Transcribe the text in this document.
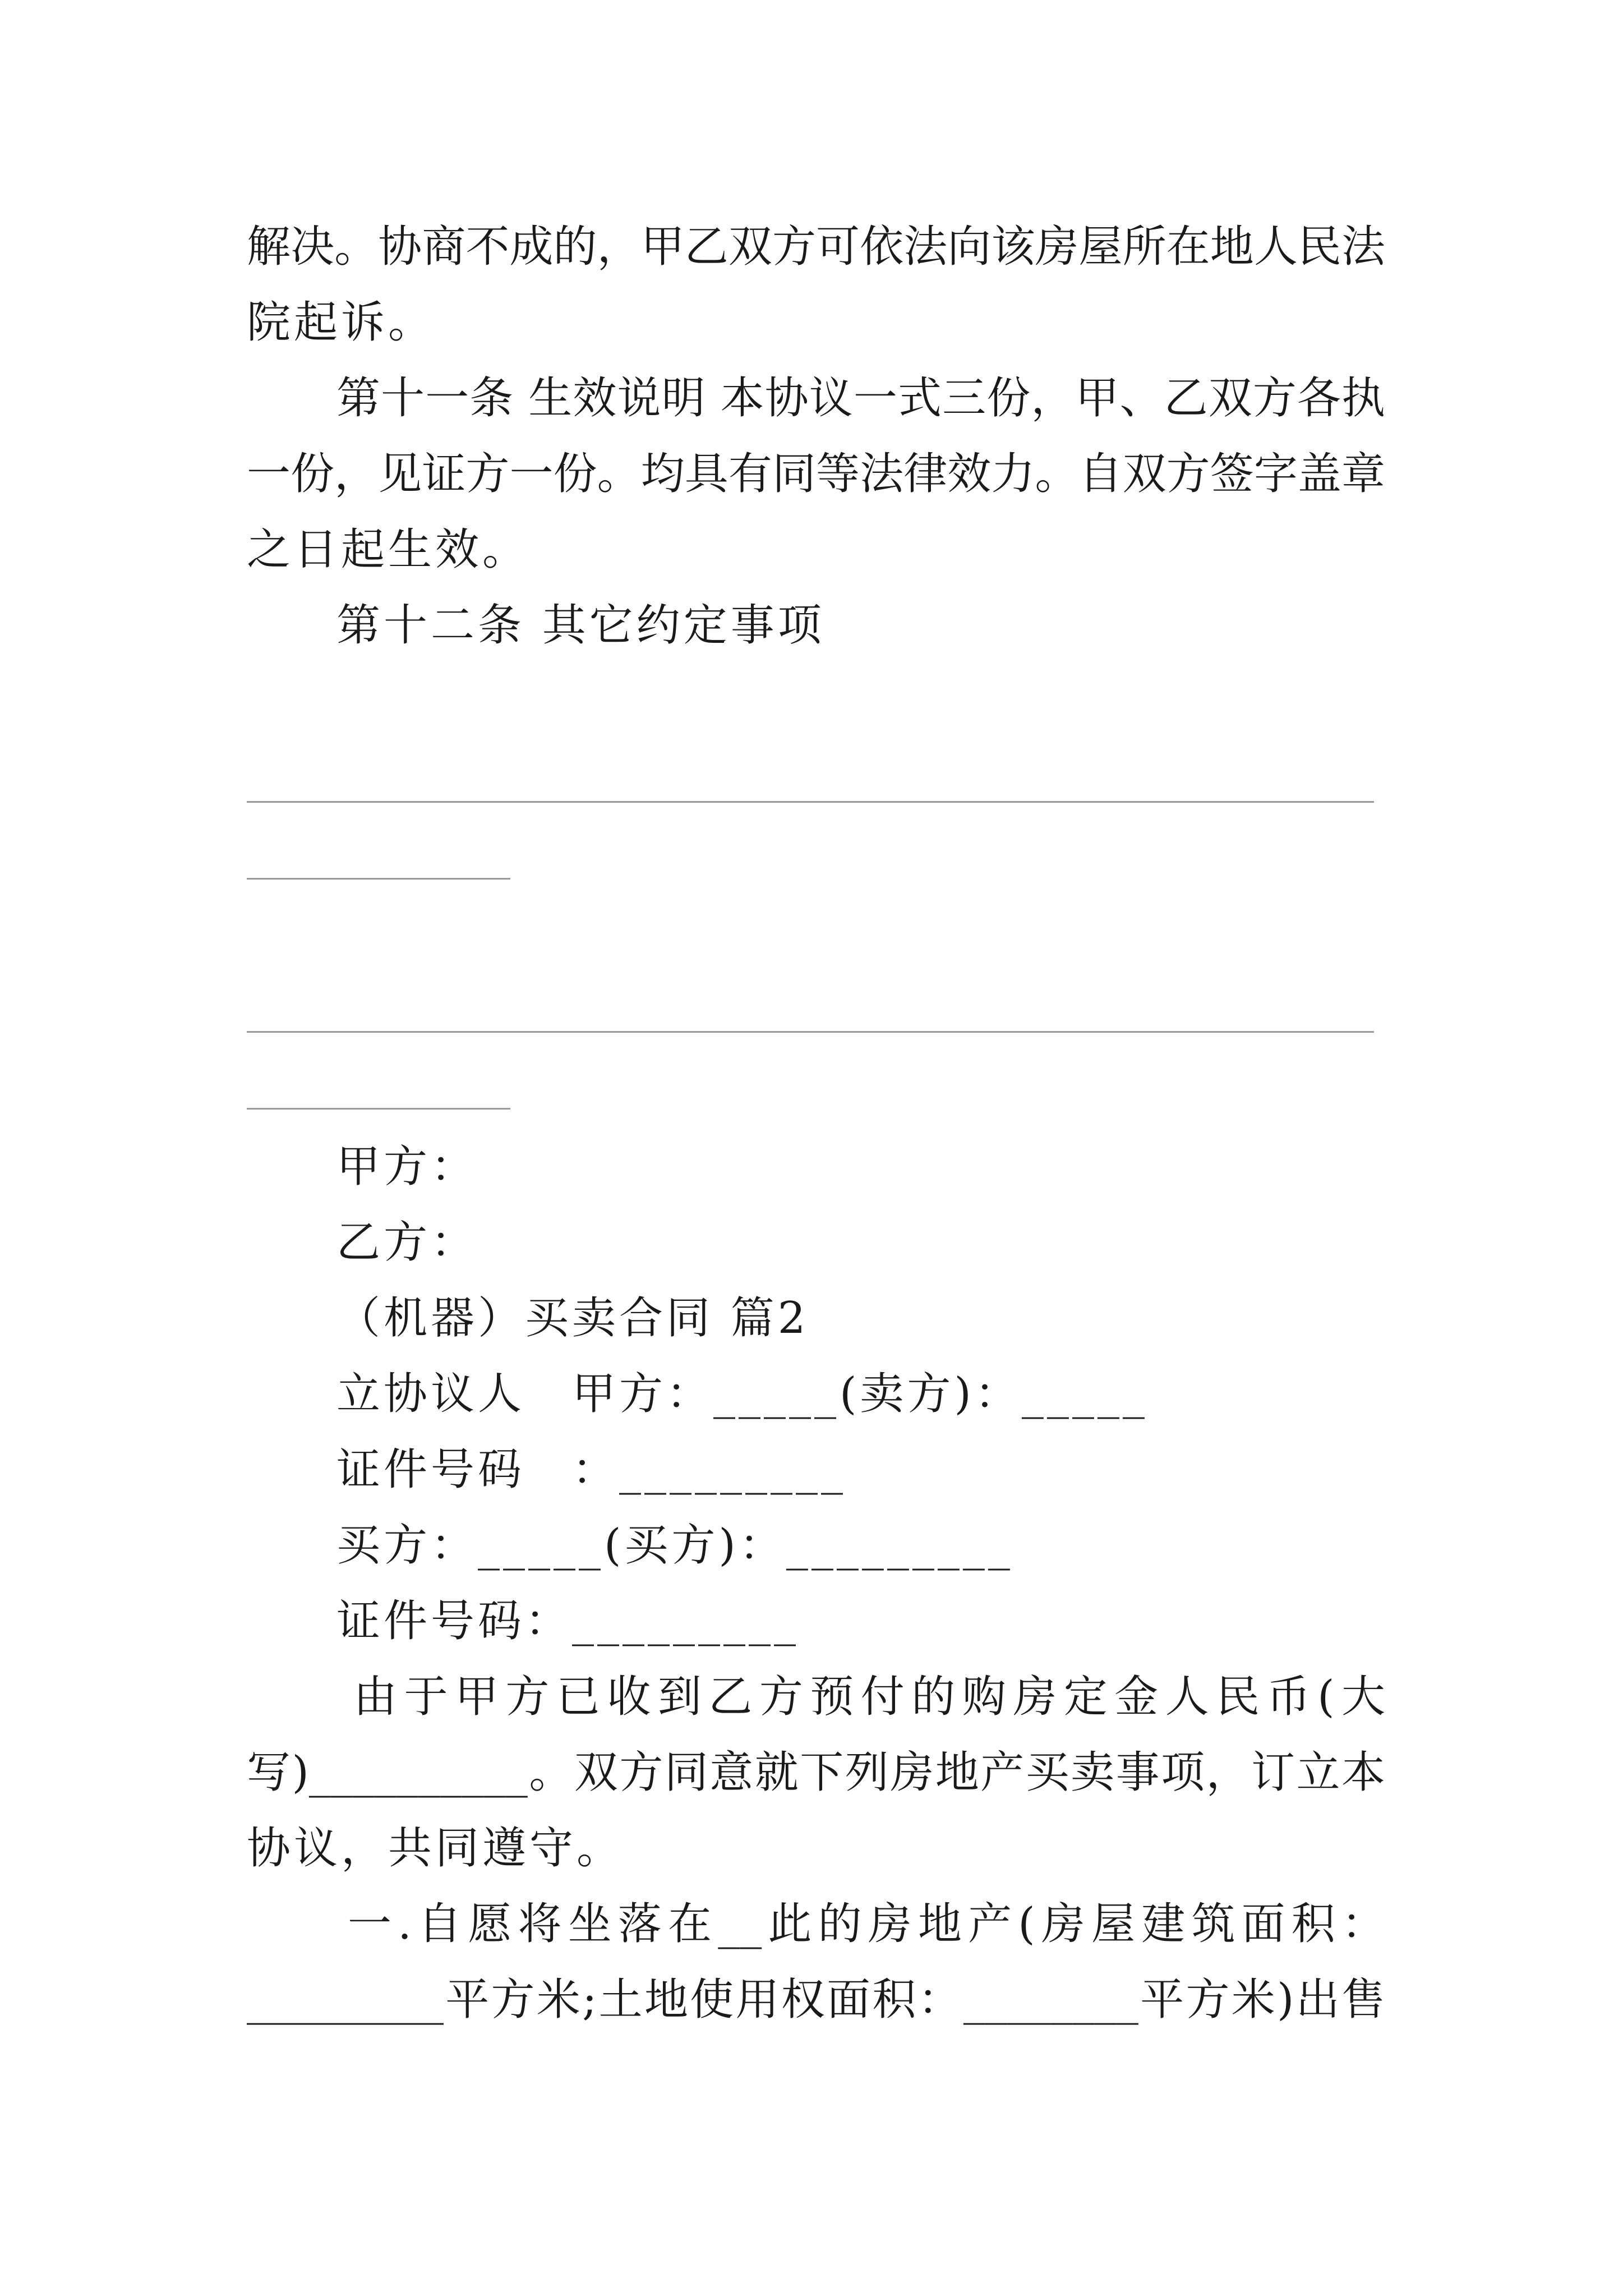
解决。协商不成的，甲乙双方可依法向该房屋所在地人民法
院起诉。
第十一条 生效说明 本协议一式三份，甲、乙双方各执
一份，见证方一份。均具有同等法律效力。自双方签字盖章
之日起生效。
第十二条 其它约定事项
甲方：
乙方：
（机器）买卖合同 篇2
立协议人　甲方：_____(卖方)：_____
证件号码　：_________
买方：_____(买方)：_________
证件号码：_________
由于甲方已收到乙方预付的购房定金人民币(大
写)__________。双方同意就下列房地产买卖事项，订立本
协议，共同遵守。
一.自愿将坐落在__此的房地产(房屋建筑面积：
_________平方米;土地使用权面积：________平方米)出售
